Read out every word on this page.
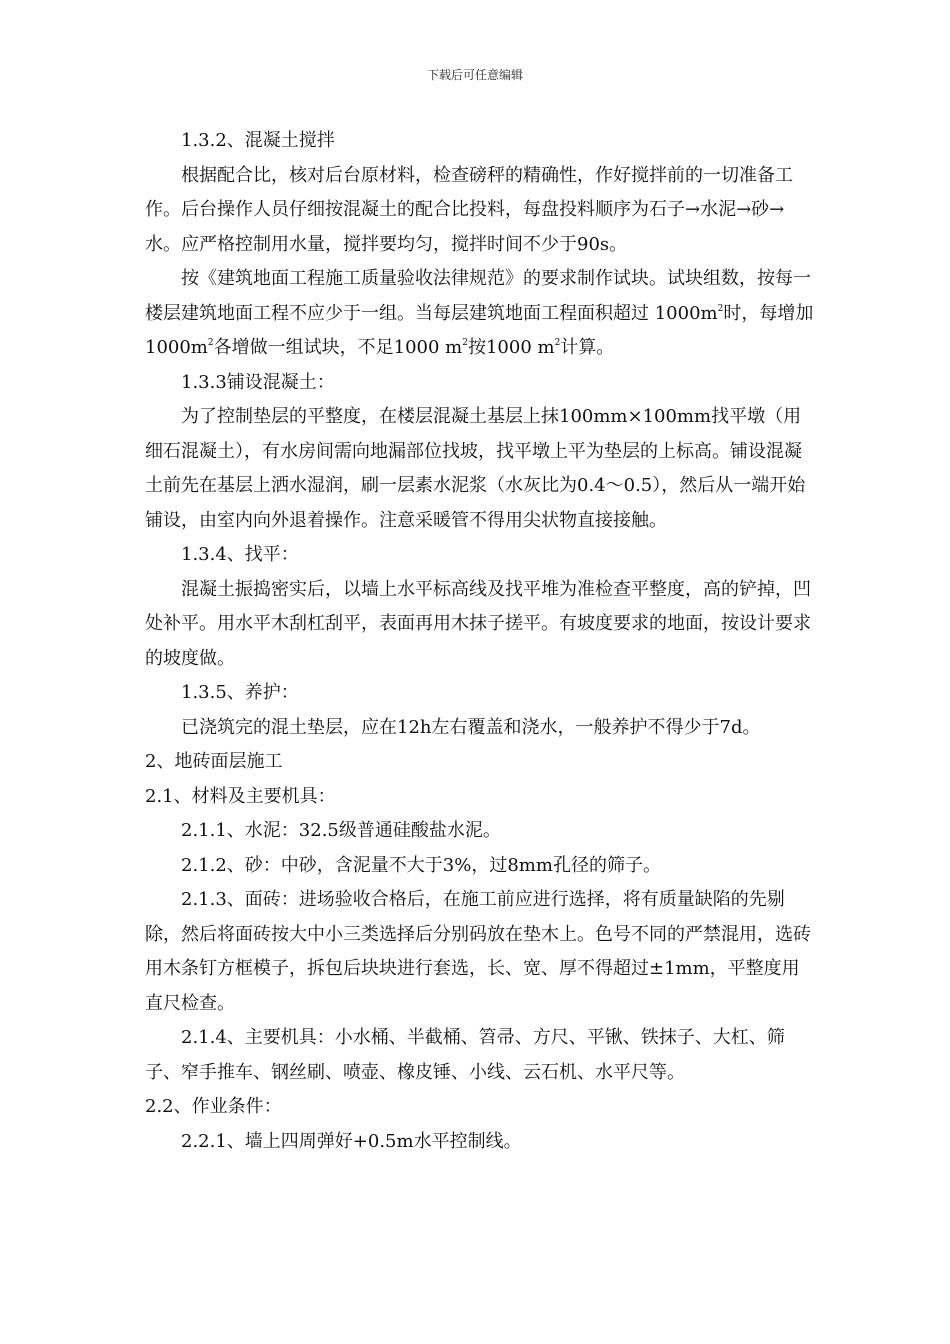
下载后可任意编辑

1.3.2、混凝土搅拌

根据配合比，核对后台原材料，检查磅秤的精确性，作好搅拌前的一切准备工作。后台操作人员仔细按混凝土的配合比投料，每盘投料顺序为石子→水泥→砂→水。应严格控制用水量，搅拌要均匀，搅拌时间不少于90s。

按《建筑地面工程施工质量验收法律规范》的要求制作试块。试块组数，按每一楼层建筑地面工程不应少于一组。当每层建筑地面工程面积超过 $1000m^2$时，每增加$1000m^2$各增做一组试块，不足1000 $m^2$按1000 $m^2$计算。

1.3.3铺设混凝土：

为了控制垫层的平整度，在楼层混凝土基层上抹100mm×100mm找平墩（用细石混凝土），有水房间需向地漏部位找坡，找平墩上平为垫层的上标高。铺设混凝土前先在基层上洒水湿润，刷一层素水泥浆（水灰比为0.4～0.5），然后从一端开始铺设，由室内向外退着操作。注意采暖管不得用尖状物直接接触。

1.3.4、找平：

混凝土振捣密实后，以墙上水平标高线及找平堆为准检查平整度，高的铲掉，凹处补平。用水平木刮杠刮平，表面再用木抹子搓平。有坡度要求的地面，按设计要求的坡度做。

1.3.5、养护：

已浇筑完的混土垫层，应在12h左右覆盖和浇水，一般养护不得少于7d。

2、地砖面层施工

2.1、材料及主要机具：

2.1.1、水泥：32.5级普通硅酸盐水泥。

2.1.2、砂：中砂，含泥量不大于3%，过8mm孔径的筛子。

2.1.3、面砖：进场验收合格后，在施工前应进行选择，将有质量缺陷的先剔除，然后将面砖按大中小三类选择后分别码放在垫木上。色号不同的严禁混用，选砖用木条钉方框模子，拆包后块块进行套选，长、宽、厚不得超过±1mm，平整度用直尺检查。

2.1.4、主要机具：小水桶、半截桶、笤帚、方尺、平锹、铁抹子、大杠、筛子、窄手推车、钢丝刷、喷壶、橡皮锤、小线、云石机、水平尺等。

2.2、作业条件：

2.2.1、墙上四周弹好+0.5m水平控制线。
